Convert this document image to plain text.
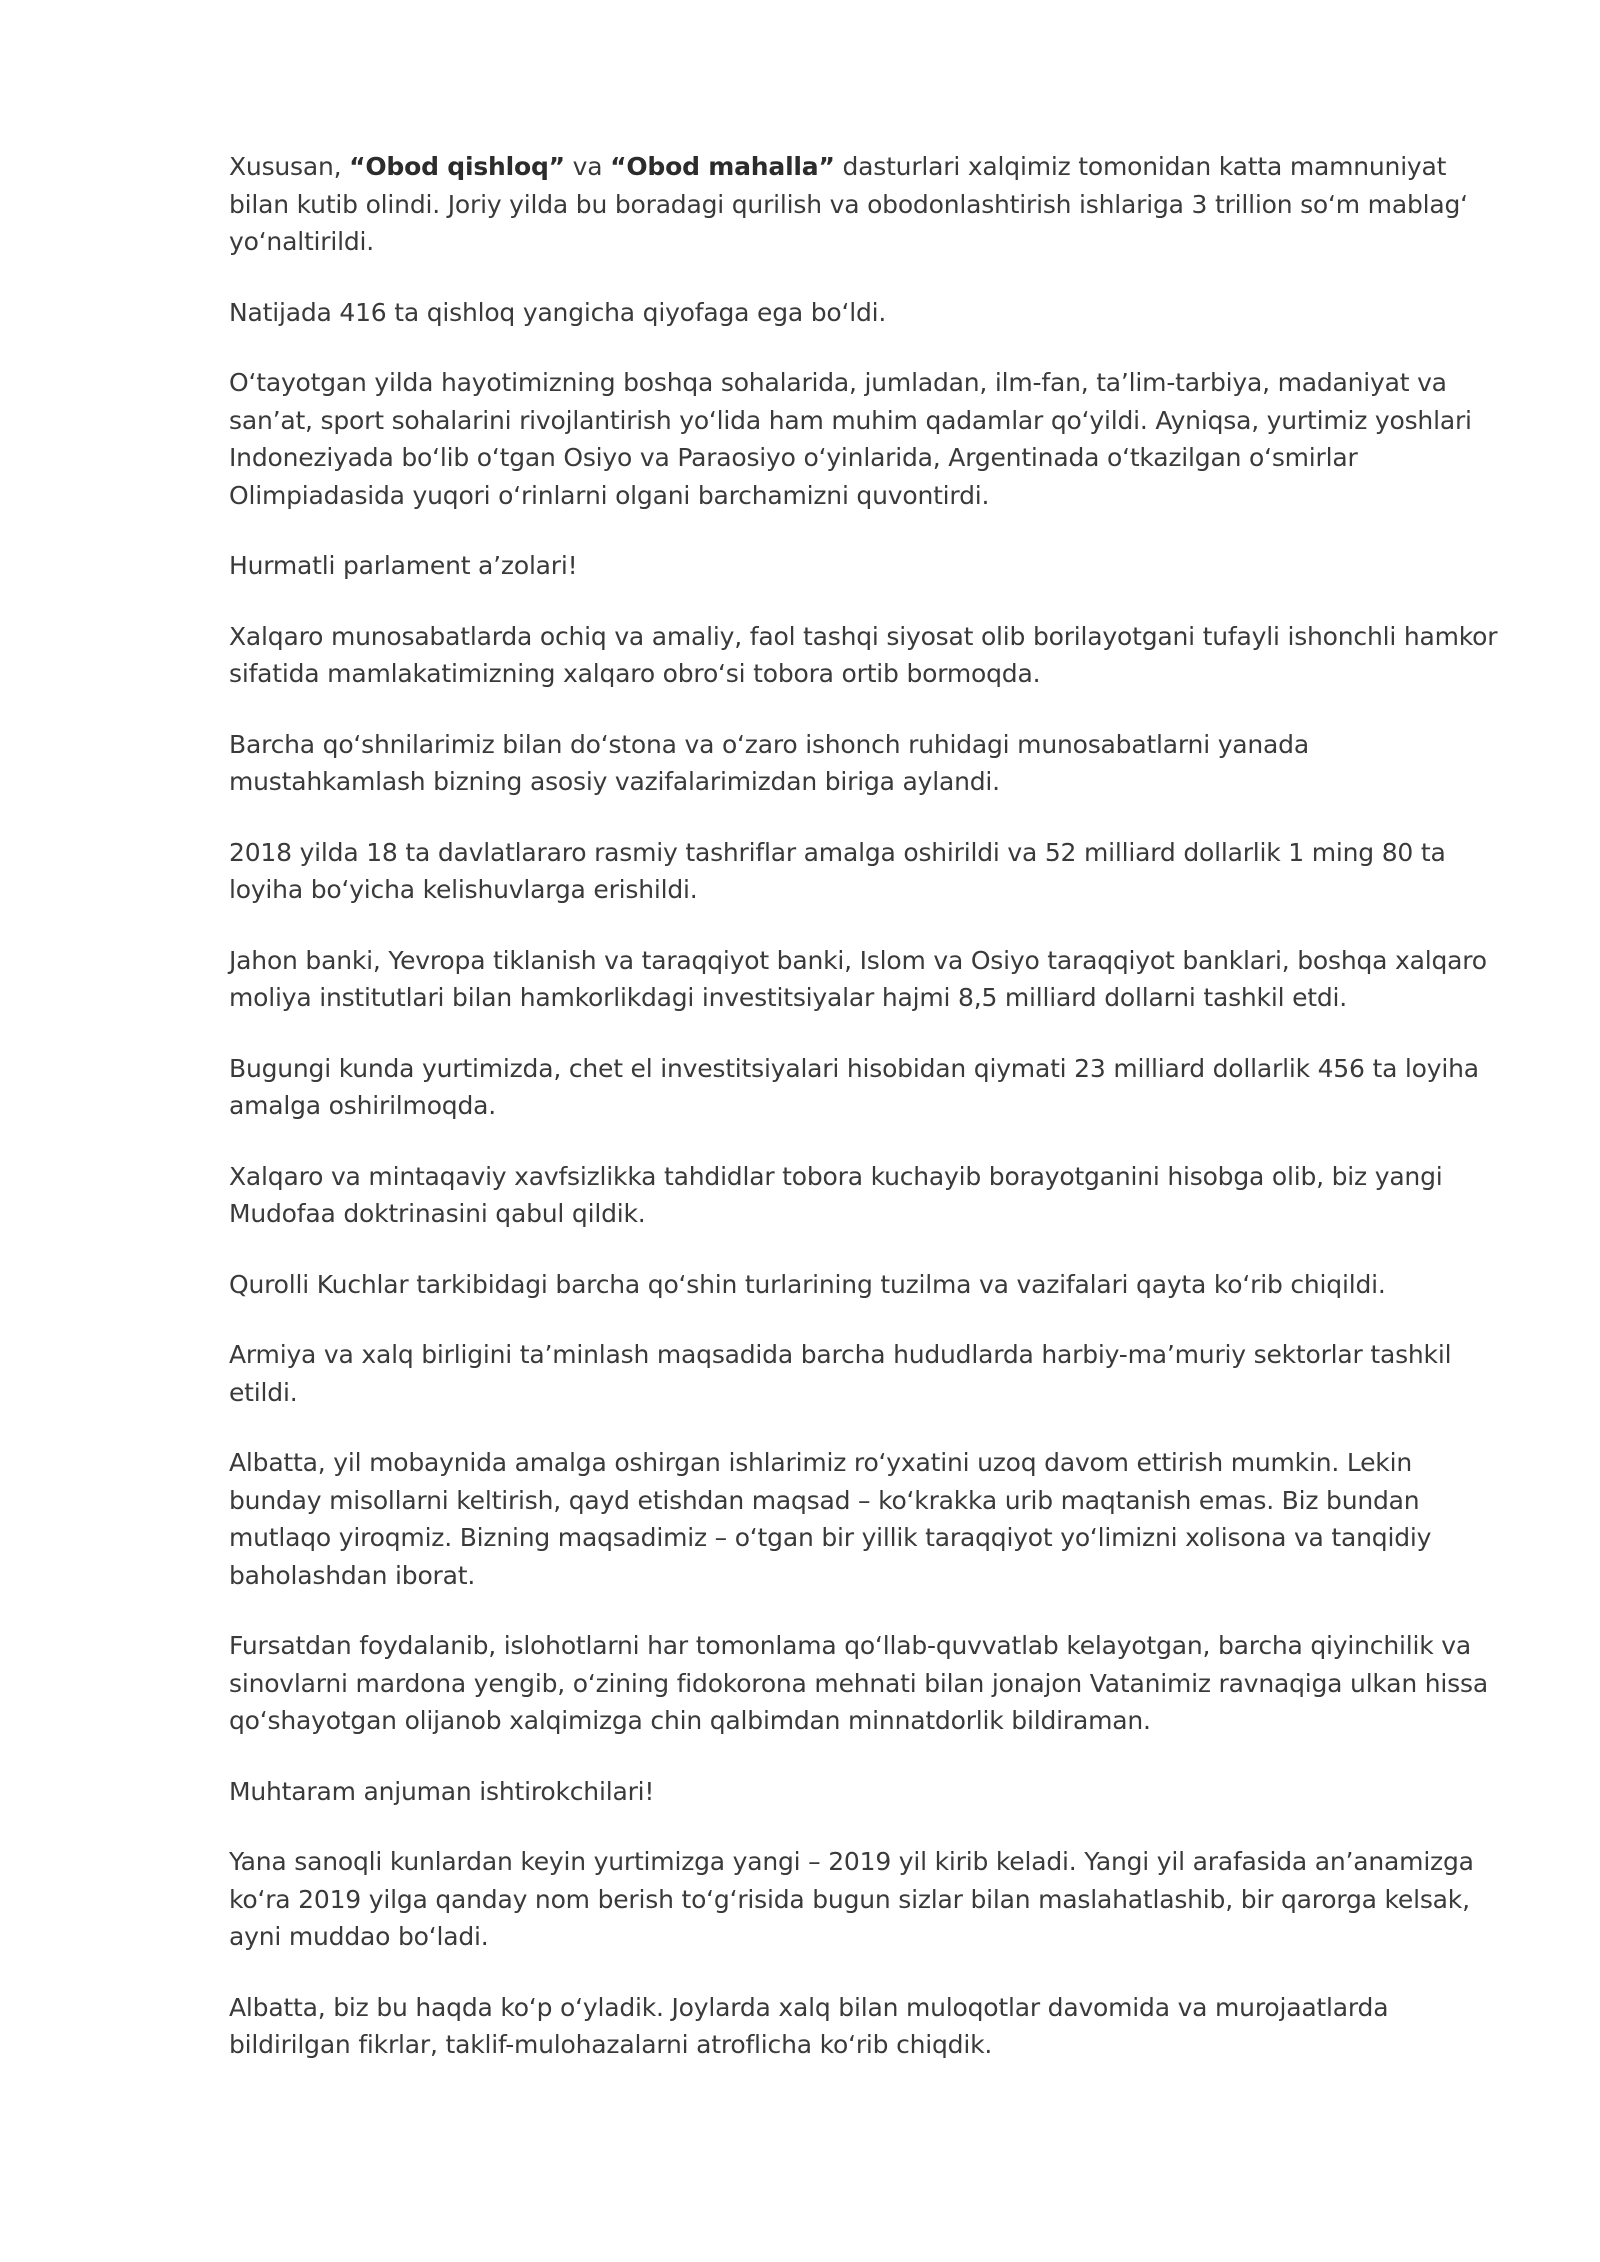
Xususan, “Obod qishloq” va “Obod mahalla” dasturlari xalqimiz tomonidan katta mamnuniyat bilan kutib olindi. Joriy yilda bu boradagi qurilish va obodonlashtirish ishlariga 3 trillion so‘m mablag‘ yo‘naltirildi.

Natijada 416 ta qishloq yangicha qiyofaga ega bo‘ldi.

O‘tayotgan yilda hayotimizning boshqa sohalarida, jumladan, ilm-fan, ta’lim-tarbiya, madaniyat va san’at, sport sohalarini rivojlantirish yo‘lida ham muhim qadamlar qo‘yildi. Ayniqsa, yurtimiz yoshlari Indoneziyada bo‘lib o‘tgan Osiyo va Paraosiyo o‘yinlarida, Argentinada o‘tkazilgan o‘smirlar Olimpiadasida yuqori o‘rinlarni olgani barchamizni quvontirdi.

Hurmatli parlament a’zolari!

Xalqaro munosabatlarda ochiq va amaliy, faol tashqi siyosat olib borilayotgani tufayli ishonchli hamkor sifatida mamlakatimizning xalqaro obro‘si tobora ortib bormoqda.

Barcha qo‘shnilarimiz bilan do‘stona va o‘zaro ishonch ruhidagi munosabatlarni yanada mustahkamlash bizning asosiy vazifalarimizdan biriga aylandi.

2018 yilda 18 ta davlatlararo rasmiy tashriflar amalga oshirildi va 52 milliard dollarlik 1 ming 80 ta loyiha bo‘yicha kelishuvlarga erishildi.

Jahon banki, Yevropa tiklanish va taraqqiyot banki, Islom va Osiyo taraqqiyot banklari, boshqa xalqaro moliya institutlari bilan hamkorlikdagi investitsiyalar hajmi 8,5 milliard dollarni tashkil etdi.

Bugungi kunda yurtimizda, chet el investitsiyalari hisobidan qiymati 23 milliard dollarlik 456 ta loyiha amalga oshirilmoqda.

Xalqaro va mintaqaviy xavfsizlikka tahdidlar tobora kuchayib borayotganini hisobga olib, biz yangi Mudofaa doktrinasini qabul qildik.

Qurolli Kuchlar tarkibidagi barcha qo‘shin turlarining tuzilma va vazifalari qayta ko‘rib chiqildi.

Armiya va xalq birligini ta’minlash maqsadida barcha hududlarda harbiy-ma’muriy sektorlar tashkil etildi.

Albatta, yil mobaynida amalga oshirgan ishlarimiz ro‘yxatini uzoq davom ettirish mumkin. Lekin bunday misollarni keltirish, qayd etishdan maqsad – ko‘krakka urib maqtanish emas. Biz bundan mutlaqo yiroqmiz. Bizning maqsadimiz – o‘tgan bir yillik taraqqiyot yo‘limizni xolisona va tanqidiy baholashdan iborat.

Fursatdan foydalanib, islohotlarni har tomonlama qo‘llab-quvvatlab kelayotgan, barcha qiyinchilik va sinovlarni mardona yengib, o‘zining fidokorona mehnati bilan jonajon Vatanimiz ravnaqiga ulkan hissa qo‘shayotgan olijanob xalqimizga chin qalbimdan minnatdorlik bildiraman.

Muhtaram anjuman ishtirokchilari!

Yana sanoqli kunlardan keyin yurtimizga yangi – 2019 yil kirib keladi. Yangi yil arafasida an’anamizga ko‘ra 2019 yilga qanday nom berish to‘g‘risida bugun sizlar bilan maslahatlashib, bir qarorga kelsak, ayni muddao bo‘ladi.

Albatta, biz bu haqda ko‘p o‘yladik. Joylarda xalq bilan muloqotlar davomida va murojaatlarda bildirilgan fikrlar, taklif-mulohazalarni atroflicha ko‘rib chiqdik.
